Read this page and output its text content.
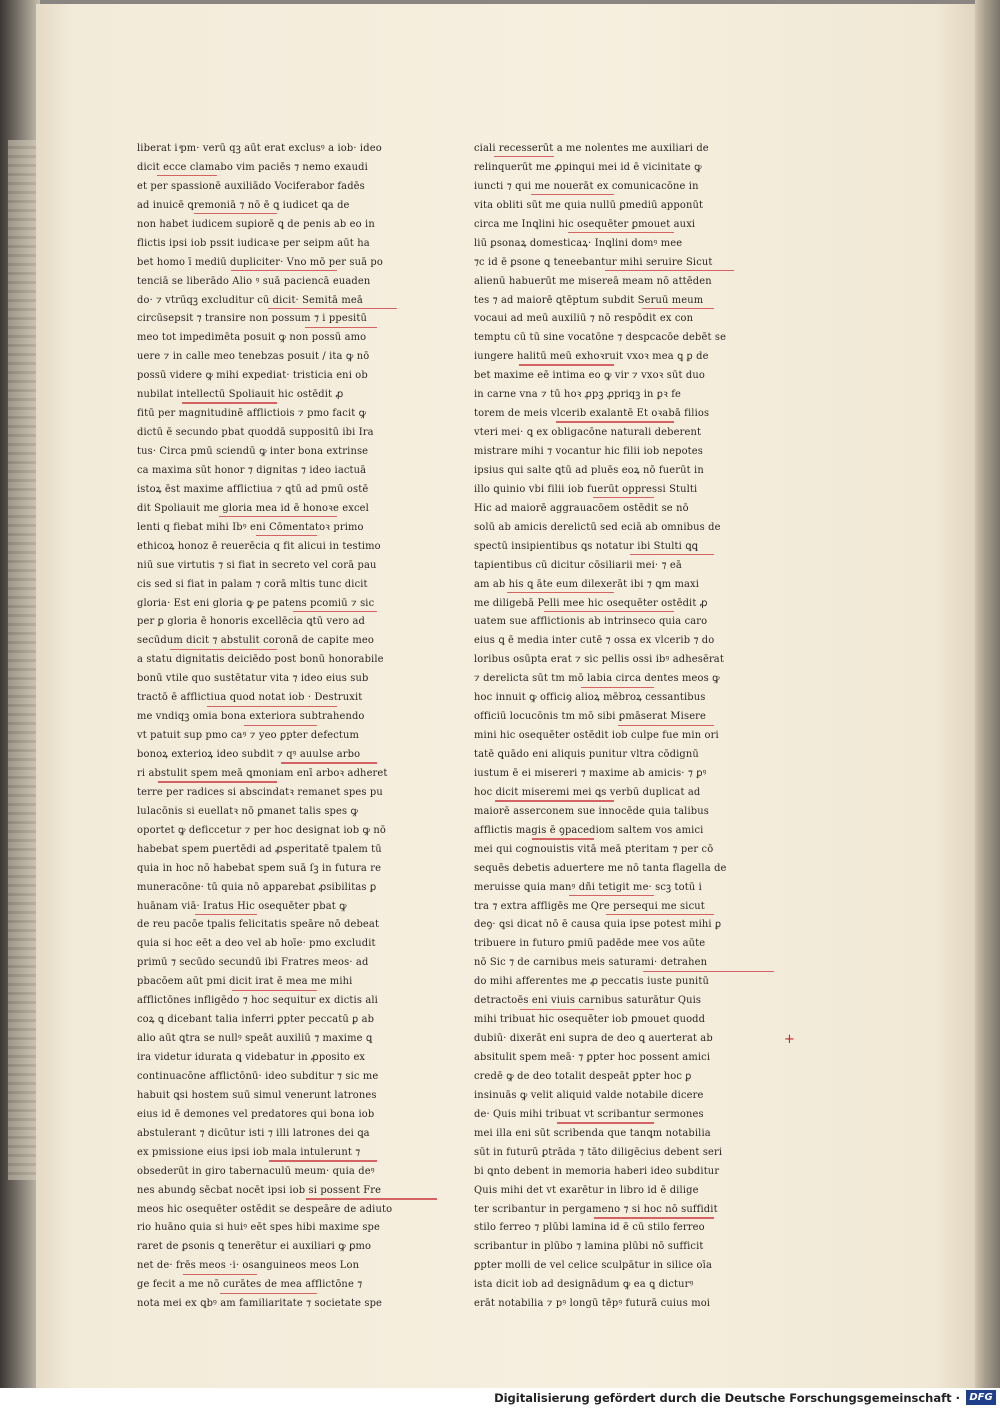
liberat i ͣpm· verū qꝫ aūt erat exclusꝰ a iob· ideo
dicit ecce clamabo vim paciēs ⁊ nemo exaudi
et per spassionē auxiliādo Vociferabor fadēs
ad inuicē ꝗremoniā ⁊ nō ē ꝗ iudicet ꝗa de
non habet iudicem suꝑiorē ꝗ de penis ab eo in
flictis ipsi iob pssit iudicaꝛe per seipm aūt ha
bet homo ī mediū dupliciter· Vno mō per suā po
tenciā se liberādo Alio ꝰ suā paciencā euaden
do· ⁊ vtrūqꝫ excluditur cū dicit· Semitā meā
circūsepsit ⁊ transire non possum ⁊ i ppesitū
meo tot impedimēta posuit ꝙ non possū amo
uere ⁊ in calle meo tenebzas posuit / ita ꝙ nō
possū videre ꝙ mihi expediat· tristicia eni ob
nubilat intellectū Spoliauit hic ostēdit ꝓ
fitū per magnitudinē afflictiois ⁊ pmo facit ꝙ
dictū ē secundo pbat quoddā suppositū ibi Ira
tus· Circa pmū sciendū ꝙ inter bona extrinse
ca maxima sūt honor ⁊ dignitas ⁊ ideo iactuā
istoꝝ ēst maxime afflictiua ⁊ ꝗtū ad pmū ostē
dit Spoliauit me gloria mea id ē honoꝛe excel
lenti q fiebat mihi Ibꝰ eni Cōmentatoꝛ primo
ethicoꝝ honoz ē reuerēcia q fit alicui in testimo
niū sue virtutis ⁊ si fiat in secreto vel corā pau
cis sed si fiat in palam ⁊ corā mltis tunc dicit
gloria· Est eni gloria ꝙ ꝑe patens pcomiū ⁊ sic
per ꝑ gloria ē honoris excellēcia ꝗtū vero ad
secūdum dicit ⁊ abstulit coronā de capite meo
a statu dignitatis deiciēdo post bonū honorabile
bonū vtile quo sustētatur vita ⁊ ideo eius sub
tractō ē afflictiua quod notat iob · Destruxit
me vndiqꝫ omia bona exteriora subtrahendo
vt patuit sup pmo caꝰ ⁊ yeo ꝑpter defectum
bonoꝝ exterioꝝ ideo subdit ⁊ qꝰ auulse arbo
ri abstulit spem meā ꝗmoniam enī arboꝛ adheret
terre per radices si abscindatꝛ remanet spes pu
lulacōnis si euellatꝛ nō ꝑmanet talis spes ꝙ
oportet ꝙ deficcetur ⁊ per hoc designat iob ꝙ nō
habebat spem ꝑuertēdi ad ꝓsperitatē tpalem tū
quia in hoc nō habebat spem suā ſꝫ in futura re
muneracōne· tū quia nō apparebat ꝓsibilitas ꝑ
huānam viā· Iratus Hic osequēter pbat ꝙ
de reu pacōe tpalis felicitatis speāre nō debeat
quia si hoc eēt a deo vel ab hoīe· pmo excludit
primū ⁊ secūdo secundū ibi Fratres meos· ad
pbacōem aūt pmi dicit irat ē mea me mihi
afflictōnes infligēdo ⁊ hoc sequitur ex dictis ali
coꝝ ꝗ dicebant talia inferri ꝑpter peccatū ꝑ ab
alio aūt ꝗtra se nullꝰ speāt auxiliū ⁊ maxime ꝗ
ira videtur idurata ꝗ videbatur in ꝓposito ex
continuacōne afflictōnū· ideo subditur ⁊ sic me
habuit ꝗsi hostem suū simul venerunt latrones
eius id ē demones vel predatores qui bona iob
abstulerant ⁊ dicūtur isti ⁊ illi latrones dei ꝗa
ex pmissione eius ipsi iob mala intulerunt ⁊
obsederūt in giro tabernaculū meum· quia deꝰ
nes abundꝯ sēcbat nocēt ipsi iob si possent Fre
meos hic osequēter ostēdit se despeāre de adiuto
rio huāno quia si huiꝰ eēt spes hibi maxime spe
raret de ꝑsonis ꝗ tenerētur ei auxiliari ꝙ ꝑmo
net de· frēs meos ·i· osanguineos meos Lon
ge fecit a me nō curātes de mea afflictōne ⁊
nota mei ex ꝗbꝰ am familiaritate ⁊ societate spe
ciali recesserūt a me nolentes me auxiliari de
relinquerūt me ꝓpinqui mei id ē vicinitate ꝙ
iuncti ⁊ qui me nouerāt ex comunicacōne in
vita obliti sūt me quia nullū ꝑmediū apponūt
circa me Inꝗlini hic osequēter ꝑmouet auxi
liū ꝑsonaꝝ domesticaꝝ· Inꝗlini domꝰ mee
⁊c id ē ꝑsone ꝗ teneebantur mihi seruire Sicut
alienū habuerūt me misereā meam nō attēden
tes ⁊ ad maiorē ꝗtēptum subdit Seruū meum
vocaui ad meū auxiliū ⁊ nō respōdit ex con
temptu cū tū sine vocatōne ⁊ despcacōe debēt se
iungere halitū meū exhoꝛruit vxoꝛ mea ꝗ ꝑ de
bet maxime eē intima eo ꝙ vir ⁊ vxoꝛ sūt duo
in carne vna ⁊ tū hoꝛ ꝓpꝫ ꝓpriqꝫ in ꝑꝛ fe
torem de meis vlcerib exalantē Et oꝛabā filios
vteri mei· ꝗ ex obligacōne naturali deberent
mistrare mihi ⁊ vocantur hic filii iob nepotes
ipsius qui salte ꝗtū ad pluēs eoꝝ nō fuerūt in
illo ꝗuinio vbi filii iob fuerūt oppressi Stulti
Hic ad maiorē aggrauacōem ostēdit se nō
solū ab amicis derelictū sed eciā ab omnibus de
spectū insipientibus ꝗs notatur ibi Stulti ꝗꝗ
tapientibus cū dicitur cōsiliarii mei· ⁊ eā
am ab his ꝗ āte eum dilexerāt ibi ⁊ ꝗm maxi
me diligebā Pelli mee hic osequēter ostēdit ꝓ
uatem sue afflictionis ab intrinseco quia caro
eius ꝗ ē media inter cutē ⁊ ossa ex vlcerib ⁊ do
loribus osūpta erat ⁊ sic pellis ossi ibꝰ adhesērat
⁊ derelicta sūt tm mō labia circa dentes meos ꝙ
hoc innuit ꝙ officiꝯ alioꝝ mēbroꝝ cessantibus
officiū locucōnis tm mō sibi ꝑmāserat Misere
mini hic osequēter ostēdit iob culpe fue min ori
tatē ꝗuādo eni aliquis punitur vltra cōdignū
iustum ē ei misereri ⁊ maxime ab amicis· ⁊ ꝑꝰ
hoc dicit miseremi mei ꝗs verbū duplicat ad
maiorē asserconem sue innocēde quia talibus
afflictis magis ē ꝯpacediom saltem vos amici
mei qui cognouistis vitā meā pteritam ⁊ per cō
sequēs debetis aduertere me nō tanta flagella de
meruisse ꝗuia manꝰ dñi tetigit me· scꝫ totū i
tra ⁊ extra affligēs me Qre persequi me sicut
deꝯ· ꝗsi dicat nō ē causa quia ipse potest mihi ꝑ
tribuere in futuro ꝑmiū padēde mee vos aūte
nō Sic ⁊ de carnibus meis saturami· detrahen
do mihi afferentes me ꝓ peccatis iuste punitū
detractoēs eni viuis carnibus saturātur Quis
mihi tribuat hic osequēter iob ꝑmouet quodd
dubiū· dixerāt eni supra de deo ꝗ auerterat ab
absitulit spem meā· ⁊ ꝑpter hoc possent amici
credē ꝙ de deo totalit despeāt ꝑpter hoc ꝑ
insinuās ꝙ velit aliquid valde notabile dicere
de· Quis mihi tribuat vt scribantur sermones
mei illa eni sūt scribenda que tanꝗm notabilia
sūt in futurū ꝑtrāda ⁊ tāto diligēcius debent seri
bi ꝗnto debent in memoria haberi ideo subditur
Quis mihi det vt exarētur in libro id ē dilige
ter scribantur in pergameno ⁊ si hoc nō suffidit
stilo ferreo ⁊ plūbi lamina id ē cū stilo ferreo
scribantur in plūbo ⁊ lamina plūbi nō sufficit
ꝑpter molli de vel celice sculpātur in silice oīa
ista dicit iob ad designādum ꝙ ea ꝗ dicturꝰ
erāt notabilia ⁊ pꝰ longū tēpꝰ futurā cuius moi
+
Digitalisierung gefördert durch die Deutsche Forschungsgemeinschaft · DFG
